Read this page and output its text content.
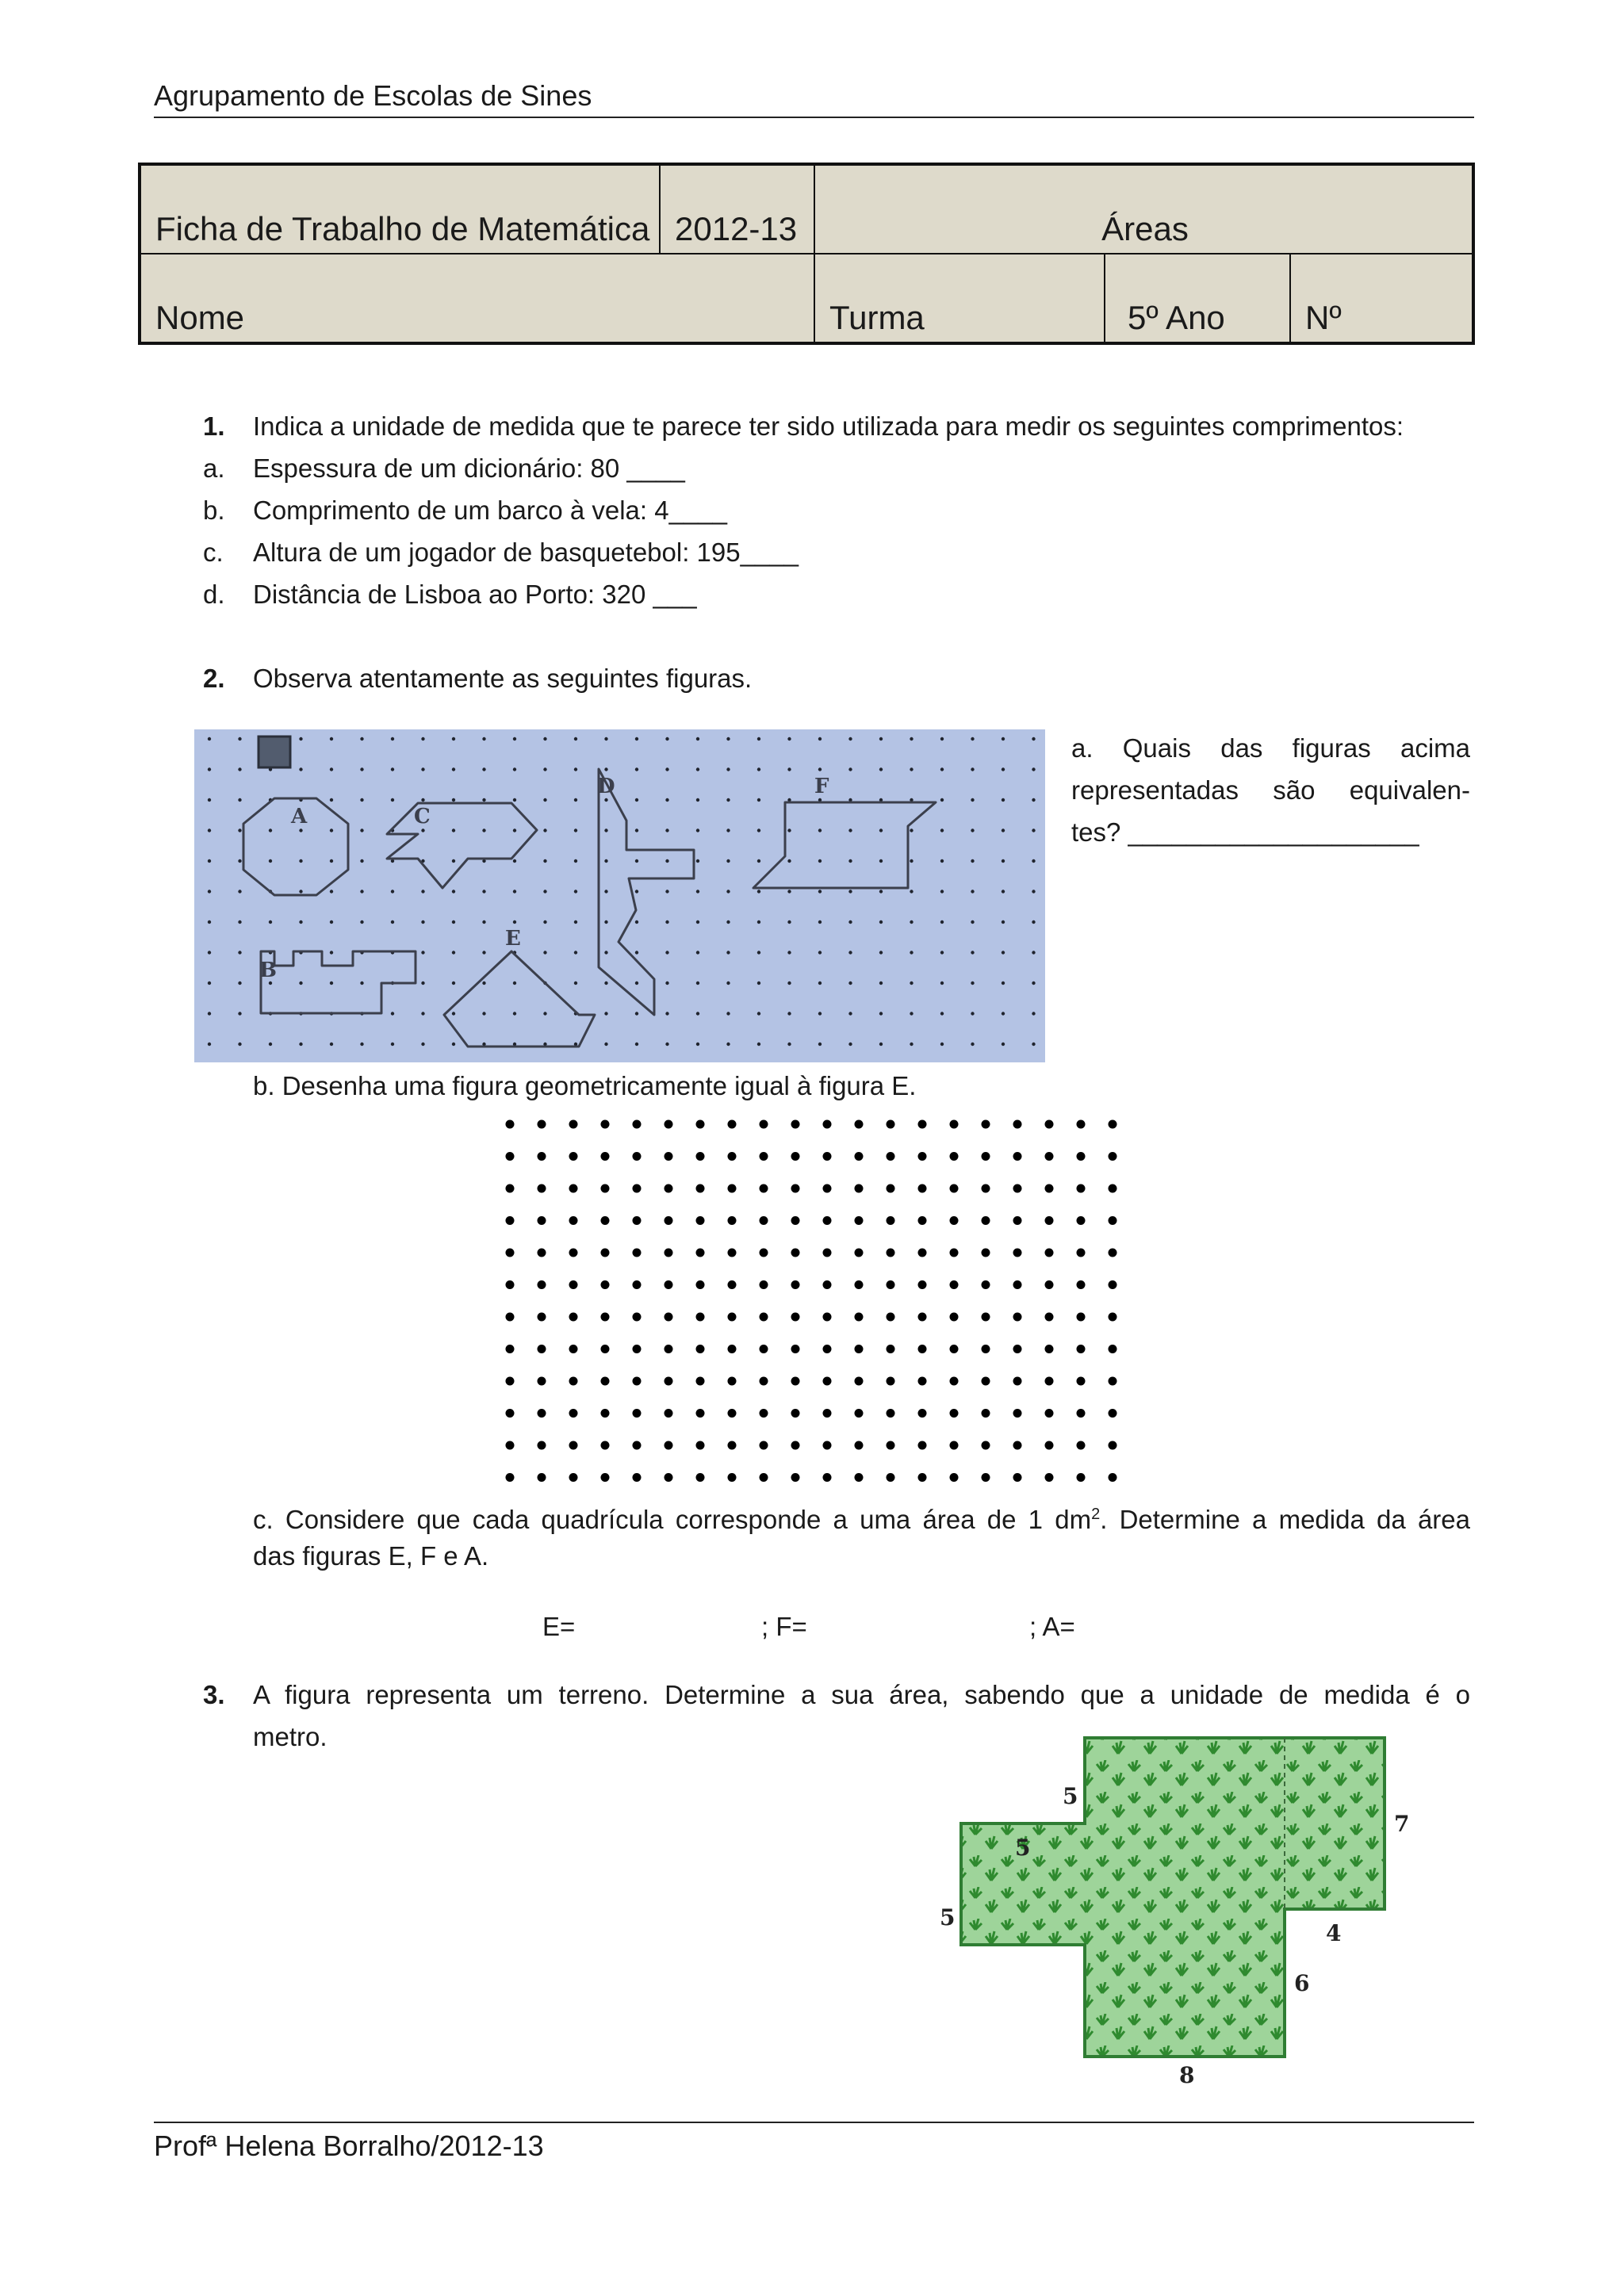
Agrupamento de Escolas de Sines
Ficha de Trabalho de Matemática 2012-13	Áreas
Nome	Turma	5º Ano Nº
1. Indica a unidade de medida que te parece ter sido utilizada para medir os seguintes comprimentos:
a. Espessura de um dicionário: 80 ____
b. Comprimento de um barco à vela: 4____
c. Altura de um jogador de basquetebol: 195____
d. Distância de Lisboa ao Porto: 320 ___
2. Observa atentamente as seguintes figuras.
A
B
C
D
E
F
a. Quais das figuras acima
representadas são equivalen-
tes? ____________________
b. Desenha uma figura geometricamente igual à figura E.
c. Considere que cada quadrícula corresponde a uma área de 1 $dm^2$. Determine a medida da área
das figuras E, F e A.
E=	; F=	; A=
3. A figura representa um terreno. Determine a sua área, sabendo que a unidade de medida é o
metro.
5
5
5
7
4
6
8
Profª Helena Borralho/2012-13
